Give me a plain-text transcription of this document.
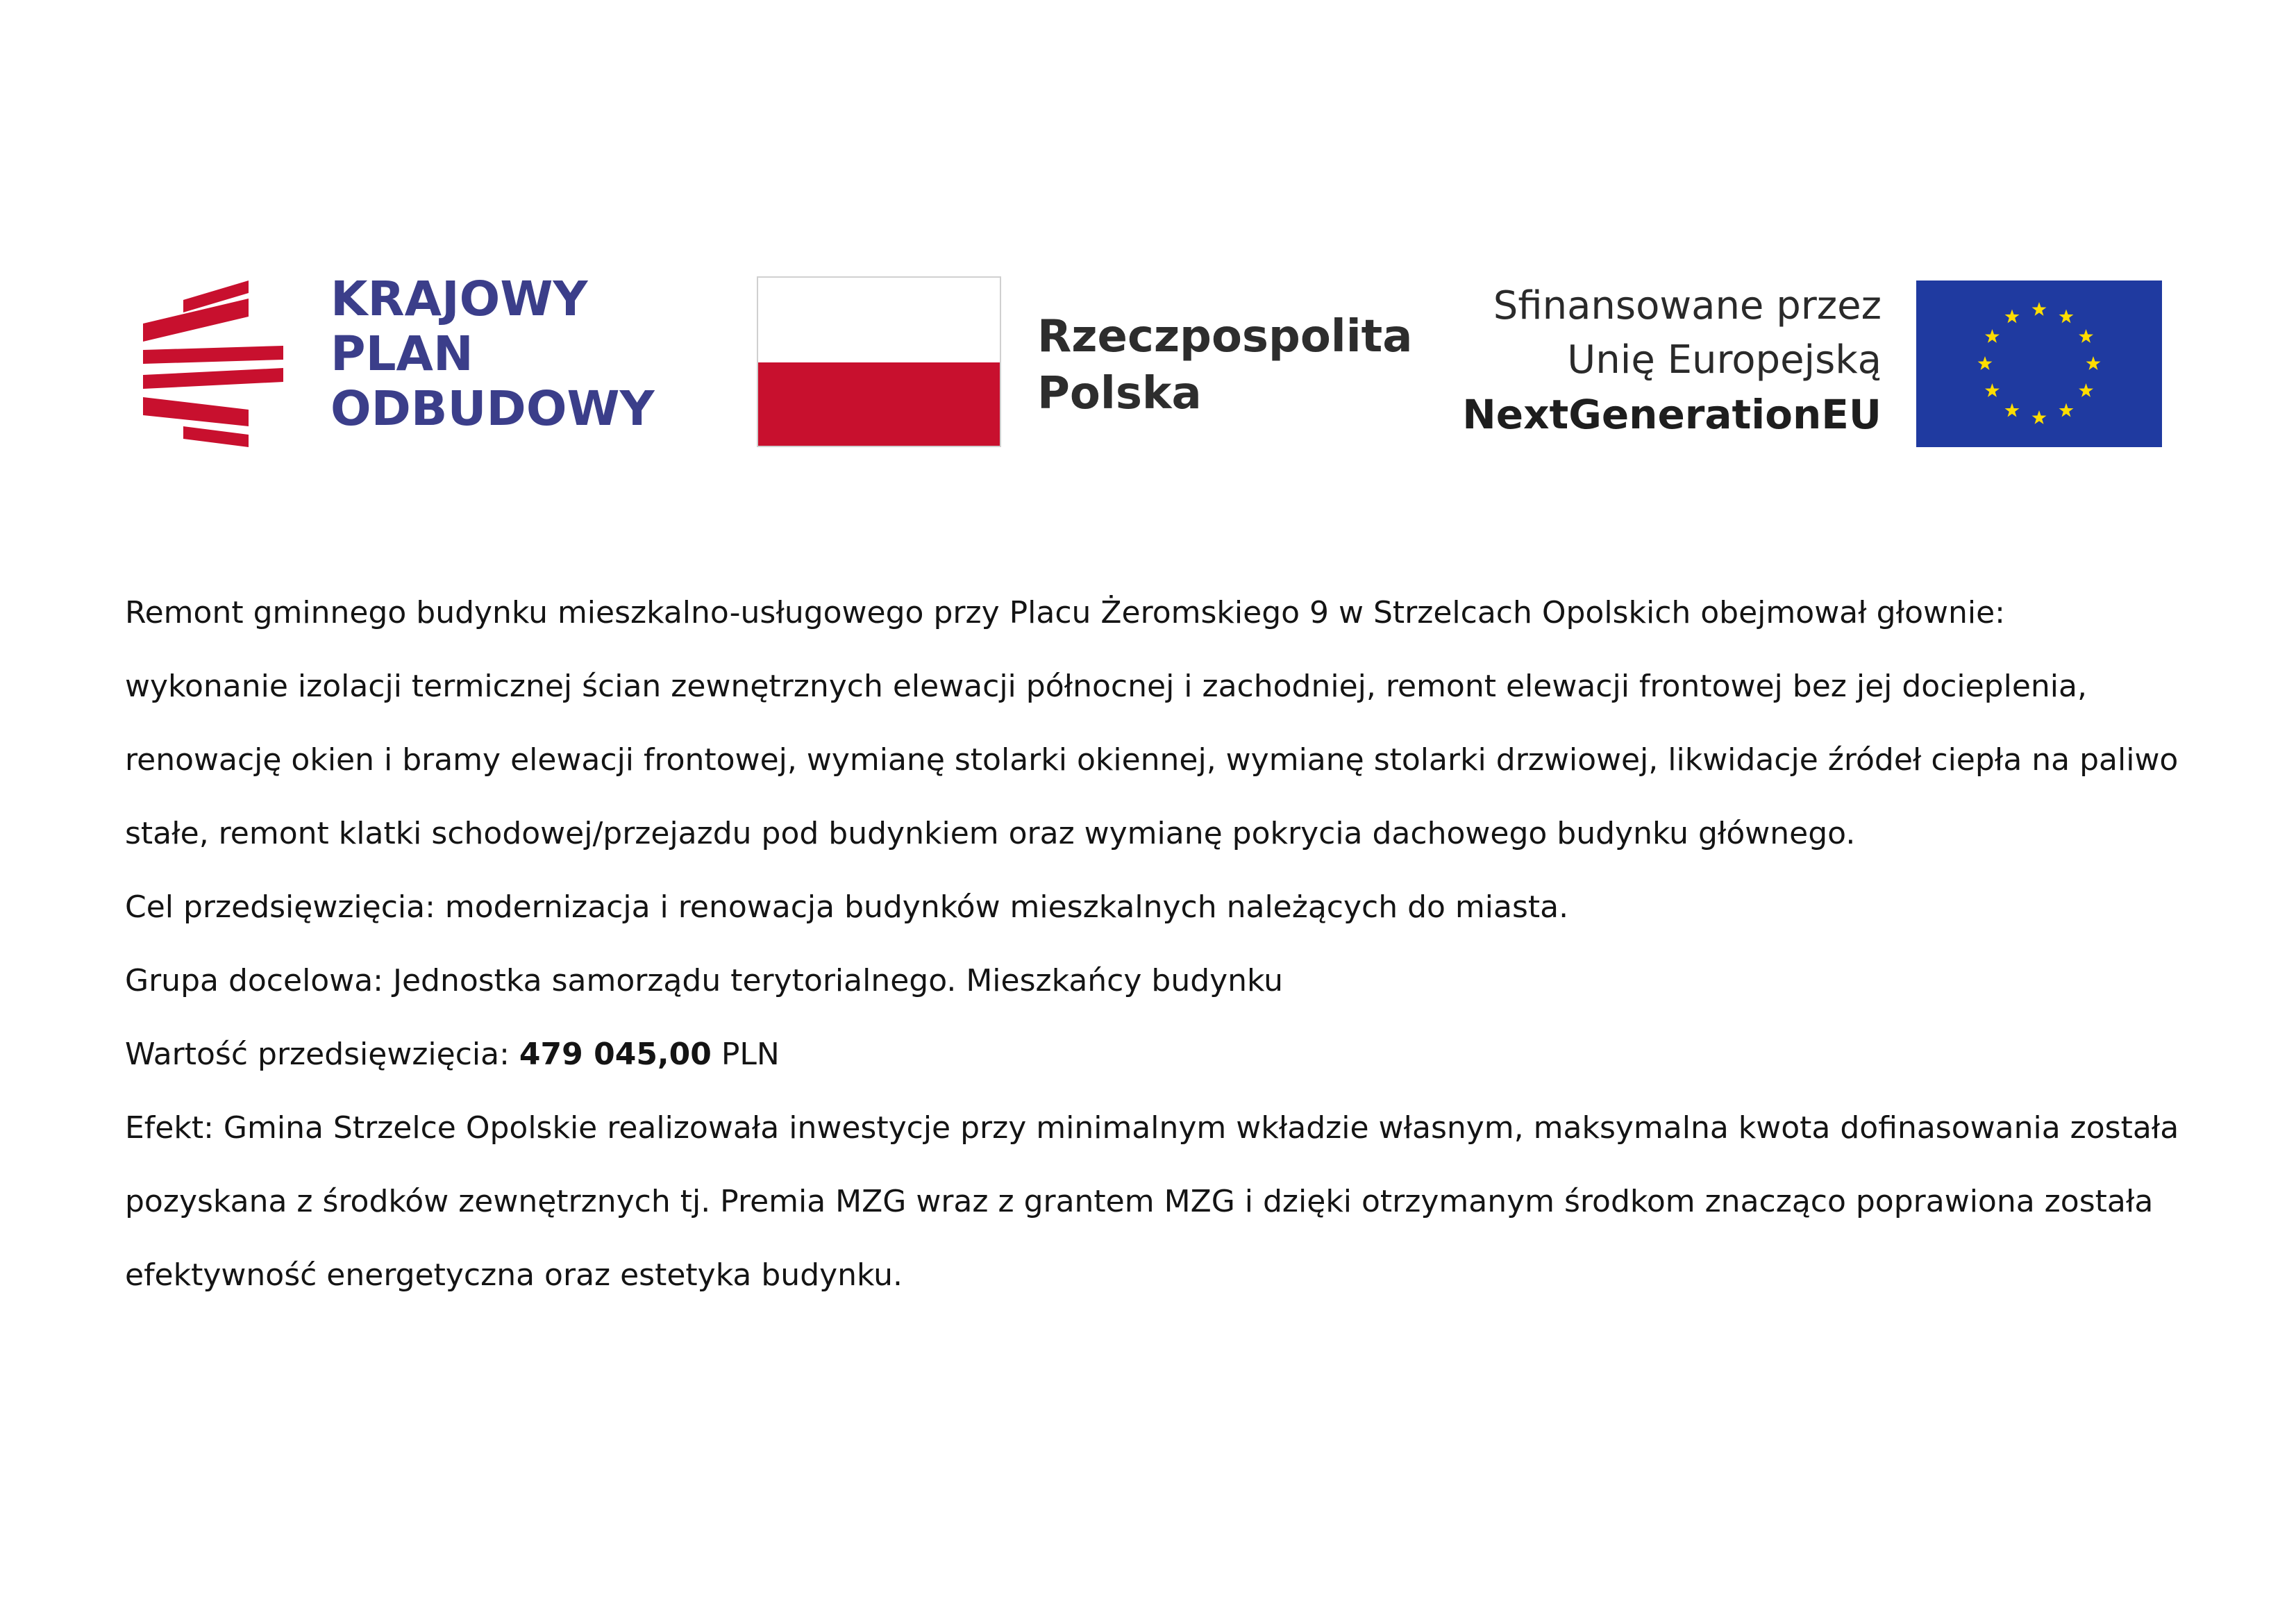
KRAJOWY
PLAN
ODBUDOWY
Rzeczpospolita
Polska
Sfinansowane przez
Unię Europejską
NextGenerationEU

Remont gminnego budynku mieszkalno-usługowego przy Placu Żeromskiego 9 w Strzelcach Opolskich obejmował głownie:

wykonanie izolacji termicznej ścian zewnętrznych elewacji północnej i zachodniej, remont elewacji frontowej bez jej docieplenia,

renowację okien i bramy elewacji frontowej, wymianę stolarki okiennej, wymianę stolarki drzwiowej, likwidacje źródeł ciepła na paliwo

stałe, remont klatki schodowej/przejazdu pod budynkiem oraz wymianę pokrycia dachowego budynku głównego.

Cel przedsięwzięcia: modernizacja i renowacja budynków mieszkalnych należących do miasta.

Grupa docelowa: Jednostka samorządu terytorialnego. Mieszkańcy budynku

Wartość przedsięwzięcia: 479 045,00 PLN

Efekt: Gmina Strzelce Opolskie realizowała inwestycje przy minimalnym wkładzie własnym, maksymalna kwota dofinasowania została

pozyskana z środków zewnętrznych tj. Premia MZG wraz z grantem MZG i dzięki otrzymanym środkom znacząco poprawiona została

efektywność energetyczna oraz estetyka budynku.
